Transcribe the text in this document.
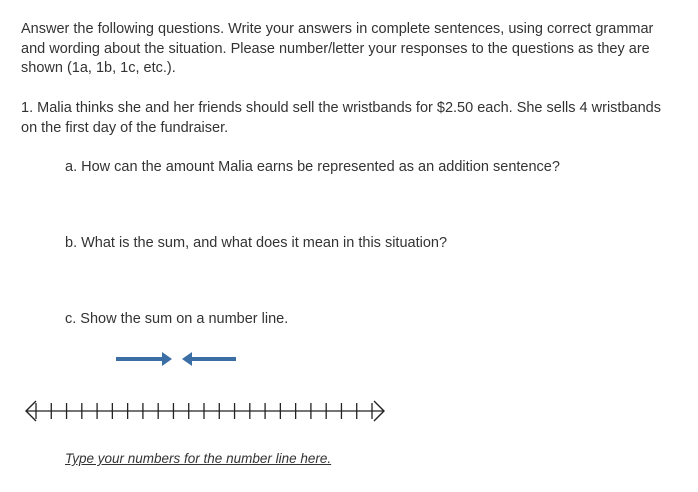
Answer the following questions. Write your answers in complete sentences, using correct grammar and wording about the situation. Please number/letter your responses to the questions as they are shown (1a, 1b, 1c, etc.).

1. Malia thinks she and her friends should sell the wristbands for $2.50 each. She sells 4 wristbands on the first day of the fundraiser.

a. How can the amount Malia earns be represented as an addition sentence?

b. What is the sum, and what does it mean in this situation?

c. Show the sum on a number line.

Type your numbers for the number line here.
